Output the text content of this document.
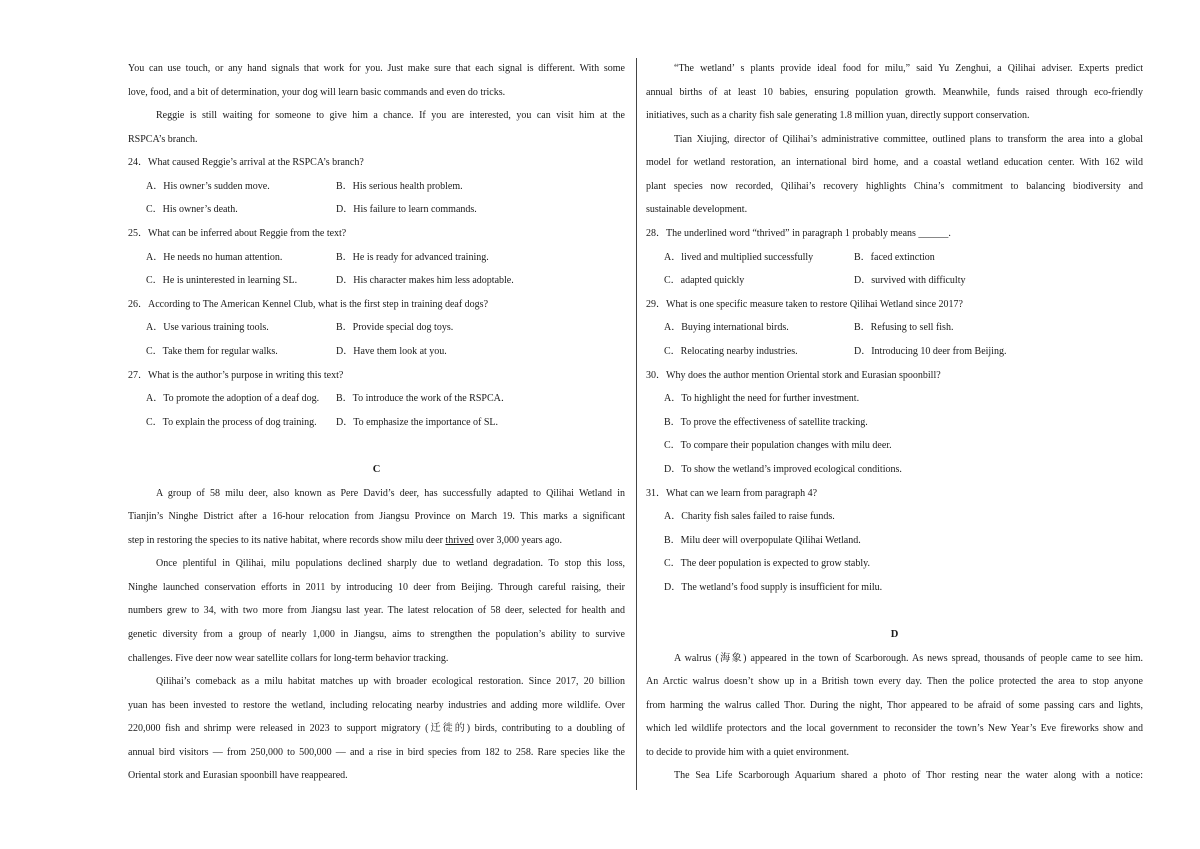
You can use touch, or any hand signals that work for you. Just make sure that each signal is different. With some
love, food, and a bit of determination, your dog will learn basic commands and even do tricks.
Reggie is still waiting for someone to give him a chance. If you are interested, you can visit him at the
RSPCA’s branch.
24．What caused Reggie’s arrival at the RSPCA’s branch?
A．His owner’s sudden move.	B．His serious health problem.
C．His owner’s death.	D．His failure to learn commands.
25．What can be inferred about Reggie from the text?
A．He needs no human attention.	B．He is ready for advanced training.
C．He is uninterested in learning SL.	D．His character makes him less adoptable.
26．According to The American Kennel Club, what is the first step in training deaf dogs?
A．Use various training tools.	B．Provide special dog toys.
C．Take them for regular walks.	D．Have them look at you.
27．What is the author’s purpose in writing this text?
A．To promote the adoption of a deaf dog. B．To introduce the work of the RSPCA．
C．To explain the process of dog training. D．To emphasize the importance of SL.
C
A group of 58 milu deer, also known as Pere David’s deer, has successfully adapted to Qilihai Wetland in
Tianjin’s Ninghe District after a 16-hour relocation from Jiangsu Province on March 19. This marks a significant
step in restoring the species to its native habitat, where records show milu deer thrived over 3,000 years ago.
Once plentiful in Qilihai, milu populations declined sharply due to wetland degradation. To stop this loss,
Ninghe launched conservation efforts in 2011 by introducing 10 deer from Beijing. Through careful raising, their
numbers grew to 34, with two more from Jiangsu last year. The latest relocation of 58 deer, selected for health and
genetic diversity from a group of nearly 1,000 in Jiangsu, aims to strengthen the population’s ability to survive
challenges. Five deer now wear satellite collars for long-term behavior tracking.
Qilihai’s comeback as a milu habitat matches up with broader ecological restoration. Since 2017, 20 billion
yuan has been invested to restore the wetland, including relocating nearby industries and adding more wildlife. Over
220,000 fish and shrimp were released in 2023 to support migratory (迁徙的) birds, contributing to a doubling of
annual bird visitors — from 250,000 to 500,000 — and a rise in bird species from 182 to 258. Rare species like the
Oriental stork and Eurasian spoonbill have reappeared.
“The wetland’ s plants provide ideal food for milu,” said Yu Zenghui, a Qilihai adviser. Experts predict
annual births of at least 10 babies, ensuring population growth. Meanwhile, funds raised through eco-friendly
initiatives, such as a charity fish sale generating 1.8 million yuan, directly support conservation.
Tian Xiujing, director of Qilihai’s administrative committee, outlined plans to transform the area into a global
model for wetland restoration, an international bird home, and a coastal wetland education center. With 162 wild
plant species now recorded, Qilihai’s recovery highlights China’s commitment to balancing biodiversity and
sustainable development.
28．The underlined word “thrived” in paragraph 1 probably means ______.
A．lived and multiplied successfully	B．faced extinction
C．adapted quickly	D．survived with difficulty
29．What is one specific measure taken to restore Qilihai Wetland since 2017?
A．Buying international birds.	B．Refusing to sell fish.
C．Relocating nearby industries.	D．Introducing 10 deer from Beijing.
30．Why does the author mention Oriental stork and Eurasian spoonbill?
A．To highlight the need for further investment.
B．To prove the effectiveness of satellite tracking.
C．To compare their population changes with milu deer.
D．To show the wetland’s improved ecological conditions.
31．What can we learn from paragraph 4?
A．Charity fish sales failed to raise funds.
B．Milu deer will overpopulate Qilihai Wetland.
C．The deer population is expected to grow stably.
D．The wetland’s food supply is insufficient for milu.
D
A walrus (海象) appeared in the town of Scarborough. As news spread, thousands of people came to see him.
An Arctic walrus doesn’t show up in a British town every day. Then the police protected the area to stop anyone
from harming the walrus called Thor. During the night, Thor appeared to be afraid of some passing cars and lights,
which led wildlife protectors and the local government to reconsider the town’s New Year’s Eve fireworks show and
to decide to provide him with a quiet environment.
The Sea Life Scarborough Aquarium shared a photo of Thor resting near the water along with a notice:
